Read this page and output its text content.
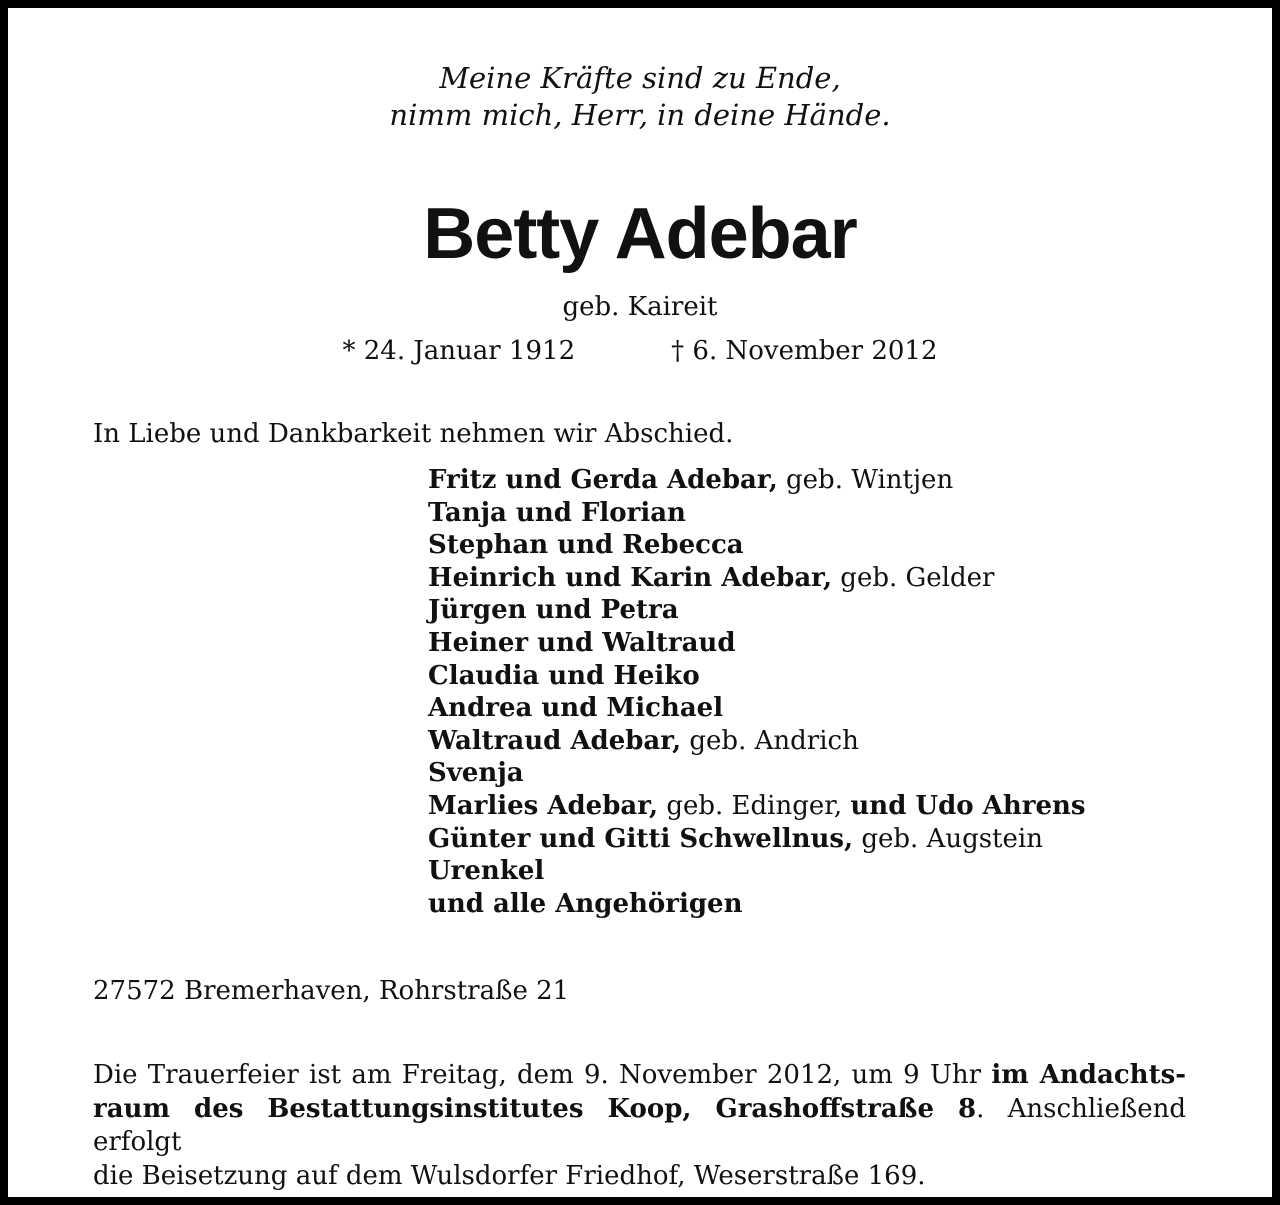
Meine Kräfte sind zu Ende,
nimm mich, Herr, in deine Hände.
Betty Adebar
geb. Kaireit
* 24. Januar 1912	† 6. November 2012
In Liebe und Dankbarkeit nehmen wir Abschied.
Fritz und Gerda Adebar, geb. Wintjen
Tanja und Florian
Stephan und Rebecca
Heinrich und Karin Adebar, geb. Gelder
Jürgen und Petra
Heiner und Waltraud
Claudia und Heiko
Andrea und Michael
Waltraud Adebar, geb. Andrich
Svenja
Marlies Adebar, geb. Edinger, und Udo Ahrens
Günter und Gitti Schwellnus, geb. Augstein
Urenkel
und alle Angehörigen
27572 Bremerhaven, Rohrstraße 21
Die Trauerfeier ist am Freitag, dem 9. November 2012, um 9 Uhr im Andachts-
raum des Bestattungsinstitutes Koop, Grashoffstraße 8. Anschließend erfolgt
die Beisetzung auf dem Wulsdorfer Friedhof, Weserstraße 169.
